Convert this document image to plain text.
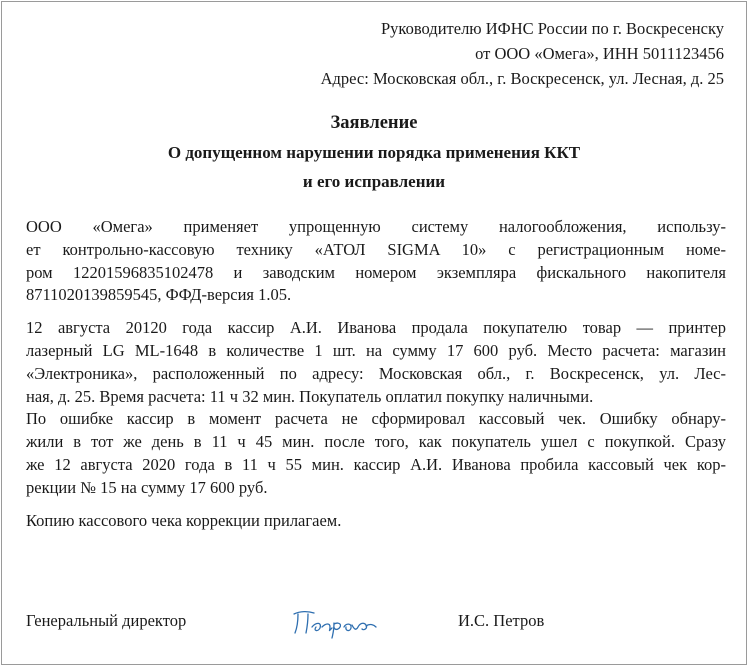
Руководителю ИФНС России по г. Воскресенску
от ООО «Омега», ИНН 5011123456
Адрес: Московская обл., г. Воскресенск, ул. Лесная, д. 25
Заявление
О допущенном нарушении порядка применения ККТ
и его исправлении

ООО «Омега» применяет упрощенную систему налогообложения, использу-
ет контрольно-кассовую технику «АТОЛ SIGMA 10» с регистрационным номе-
ром 12201596835102478 и заводским номером экземпляра фискального накопителя
8711020139859545, ФФД-версия 1.05.

12 августа 20120 года кассир А.И. Иванова продала покупателю товар — принтер
лазерный LG ML-1648 в количестве 1 шт. на сумму 17 600 руб. Место расчета: магазин
«Электроника», расположенный по адресу: Московская обл., г. Воскресенск, ул. Лес-
ная, д. 25. Время расчета: 11 ч 32 мин. Покупатель оплатил покупку наличными.
По ошибке кассир в момент расчета не сформировал кассовый чек. Ошибку обнару-
жили в тот же день в 11 ч 45 мин. после того, как покупатель ушел с покупкой. Сразу
же 12 августа 2020 года в 11 ч 55 мин. кассир А.И. Иванова пробила кассовый чек кор-
рекции № 15 на сумму 17 600 руб.

Копию кассового чека коррекции прилагаем.

Генеральный директор	И.С. Петров
